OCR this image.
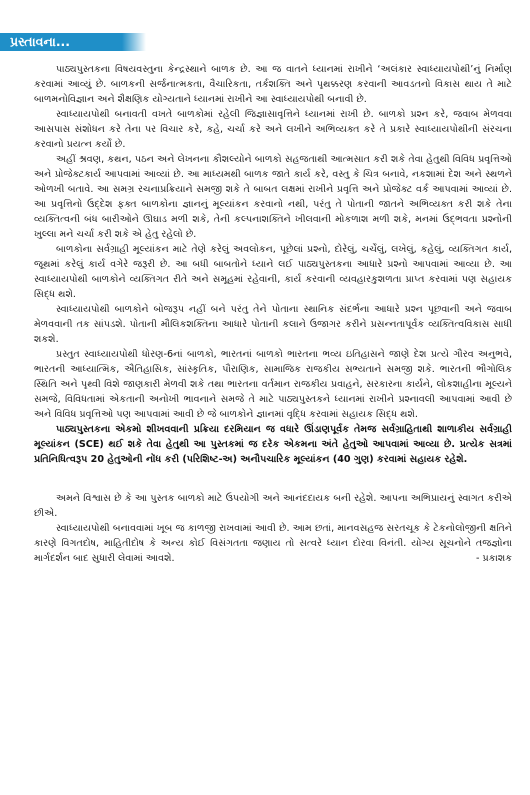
પ્રસ્તાવના...

પાઠ્યપુસ્તકના વિષયવસ્તુના કેન્દ્રસ્થાને બાળક છે. આ જ વાતને ધ્યાનમાં રાખીને ‘અલંકાર સ્વાધ્યાયપોથી’નું નિર્માણ કરવામાં આવ્યું છે. બાળકની સર્જનાત્મકતા, વૈચારિકતા, તર્કશક્તિ અને પૃથક્કરણ કરવાની આવડતનો વિકાસ થાય તે માટે બાળમનોવિજ્ઞાન અને શૈક્ષણિક યોગ્યતાને ધ્યાનમાં રાખીને આ સ્વાધ્યાયપોથી બનાવી છે.

સ્વાધ્યાયપોથી બનાવતી વખતે બાળકોમાં રહેલી જિજ્ઞાસાવૃત્તિને ધ્યાનમાં રાખી છે. બાળકો પ્રશ્ન કરે, જવાબ મેળવવા આસપાસ સંશોધન કરે તેના પર વિચાર કરે, કહે, ચર્ચા કરે અને લખીને અભિવ્યક્ત કરે તે પ્રકારે સ્વાધ્યાયપોથીની સંરચના કરવાનો પ્રયત્ન કર્યો છે.

અહીં શ્રવણ, કથન, પઠન અને લેખનના કૌશલ્યોને બાળકો સહજતાથી આત્મસાત કરી શકે તેવા હેતુથી વિવિધ પ્રવૃત્તિઓ અને પ્રોજેક્ટકાર્ય આપવામાં આવ્યાં છે. આ માધ્યમથી બાળક જાતે કાર્ય કરે, વસ્તુ કે ચિત્ર બનાવે, નકશામાં દેશ અને સ્થળને ઓળખી બતાવે. આ સમગ્ર રચનાપ્રક્રિયાને સમજી શકે તે બાબત લક્ષમાં રાખીને પ્રવૃત્તિ અને પ્રોજેક્ટ વર્ક આપવામાં આવ્યાં છે. આ પ્રવૃત્તિનો ઉદ્દેશ ફક્ત બાળકોના જ્ઞાનનું મૂલ્યાંકન કરવાનો નથી, પરંતુ તે પોતાની જાતને અભિવ્યક્ત કરી શકે તેના વ્યક્તિત્વની બંધ બારીઓને ઊઘાડ મળી શકે, તેની કલ્પનાશક્તિને ખીલવાની મોકળાશ મળી શકે, મનમાં ઉદ્ભવતા પ્રશ્નોની ખુલ્લા મને ચર્ચા કરી શકે એ હેતુ રહેલો છે.

બાળકોના સર્વગ્રાહી મૂલ્યાંકન માટે તેણે કરેલું અવલોકન, પૂછેલાં પ્રશ્નો, દોરેલું, ચર્ચેલું, લખેલું, કહેલું, વ્યક્તિગત કાર્ય, જૂથમાં કરેલું કાર્ય વગેરે જરૂરી છે. આ બધી બાબતોને ધ્યાને લઈ પાઠ્યપુસ્તકના આધારે પ્રશ્નો આપવામાં આવ્યા છે. આ સ્વાધ્યાયપોથી બાળકોને વ્યક્તિગત રીતે અને સમૂહમાં રહેવાની, કાર્ય કરવાની વ્યવહારકુશળતા પ્રાપ્ત કરવામાં પણ સહાયક સિદ્ધ થશે.

સ્વાધ્યાયપોથી બાળકોને બોજરૂપ નહીં બને પરંતુ તેને પોતાના સ્થાનિક સંદર્ભના આધારે પ્રશ્ન પૂછવાની અને જવાબ મેળવવાની તક સાંપડશે. પોતાની મૌલિકશક્તિના આધારે પોતાની કલાને ઉજાગર કરીને પ્રસન્નતાપૂર્વક વ્યક્તિત્વવિકાસ સાધી શકશે.

પ્રસ્તુત સ્વાધ્યાયપોથી ધોરણ-6નાં બાળકો, ભારતનાં બાળકો ભારતના ભવ્ય ઇતિહાસને જાણે દેશ પ્રત્યે ગૌરવ અનુભવે, ભારતની આધ્યાત્મિક, ઐતિહાસિક, સાંસ્કૃતિક, પૌરાણિક, સામાજિક રાજકીય સભ્યતાને સમજી શકે. ભારતની ભૌગોલિક સ્થિતિ અને પૃથ્વી વિશે જાણકારી મેળવી શકે તથા ભારતના વર્તમાન રાજકીય પ્રવાહને, સરકારના કાર્યને, લોકશાહીના મૂલ્યને સમજે, વિવિધતામાં એકતાની અનોખી ભાવનાને સમજે તે માટે પાઠ્યપુસ્તકને ધ્યાનમાં રાખીને પ્રશ્નાવલી આપવામાં આવી છે અને વિવિધ પ્રવૃત્તિઓ પણ આપવામાં આવી છે જે બાળકોને જ્ઞાનમાં વૃદ્ધિ કરવામાં સહાયક સિદ્ધ થશે.

પાઠ્યપુસ્તકના એકમો શીખવવાની પ્રક્રિયા દરમિયાન જ વધારે ઊંડાણપૂર્વક તેમજ સર્વગ્રાહિતાથી શાળાકીય સર્વગ્રાહી મૂલ્યાંકન (SCE) થઈ શકે તેવા હેતુથી આ પુસ્તકમાં જ દરેક એકમના અંતે હેતુઓ આપવામાં આવ્યા છે. પ્રત્યેક સત્રમાં પ્રતિનિધિત્વરૂપ 20 હેતુઓની નોંધ કરી (પરિશિષ્ટ-અ) અનૌપચારિક મૂલ્યાંકન (40 ગુણ) કરવામાં સહાયક રહેશે.

અમને વિશ્વાસ છે કે આ પુસ્તક બાળકો માટે ઉપયોગી અને આનંદદાયક બની રહેશે. આપના અભિપ્રાયનું સ્વાગત કરીએ છીએ.

સ્વાધ્યાયપોથી બનાવવામાં ખૂબ જ કાળજી રાખવામાં આવી છે. આમ છતાં, માનવસહજ સરતચૂક કે ટેકનોલોજીની ક્ષતિને કારણે વિગતદોષ, માહિતીદોષ કે અન્ય કોઈ વિસંગતતા જણાય તો સત્વરે ધ્યાન દોરવા વિનંતી. યોગ્ય સૂચનોને તજજ્ઞોના માર્ગદર્શન બાદ સુધારી લેવામાં આવશે.	- પ્રકાશક
